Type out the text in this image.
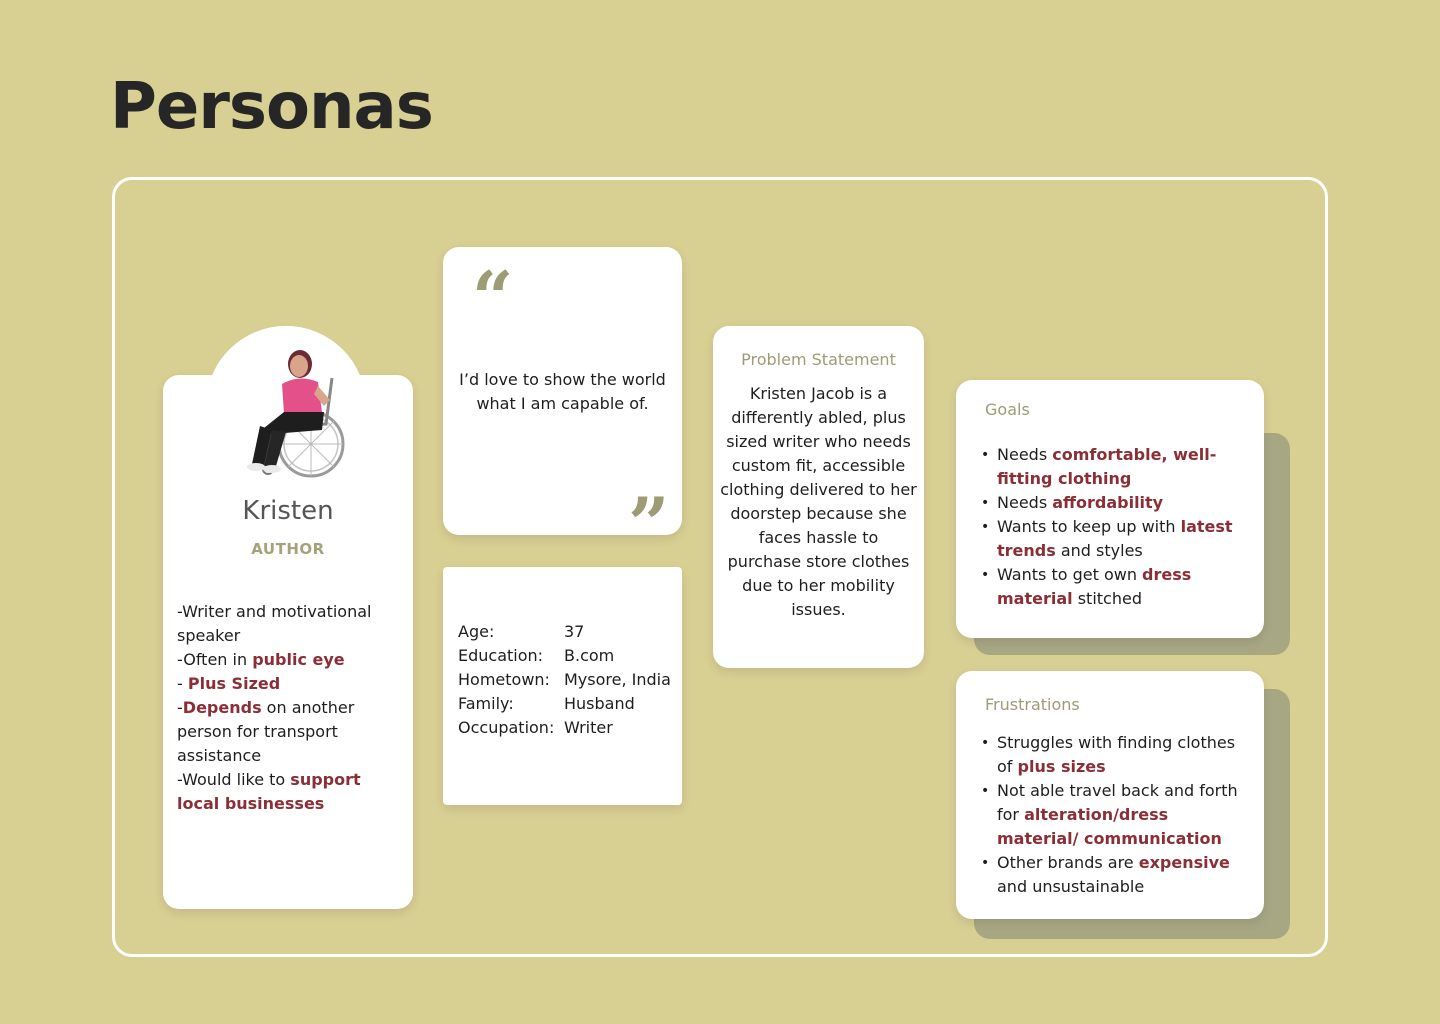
Personas
Kristen
AUTHOR
-Writer and motivational speaker
-Often in public eye
- Plus Sized
-Depends on another person for transport assistance
-Would like to support local businesses
“
I’d love to show the world what I am capable of.
”
Age:	37
Education:	B.com
Hometown:	Mysore, India
Family:	Husband
Occupation:	Writer
Problem Statement
Kristen Jacob is a differently abled, plus sized writer who needs custom fit, accessible clothing delivered to her doorstep because she faces hassle to purchase store clothes due to her mobility issues.
Goals
• Needs comfortable, well-fitting clothing
• Needs affordability
• Wants to keep up with latest trends and styles
• Wants to get own dress material stitched
Frustrations
• Struggles with finding clothes of plus sizes
• Not able travel back and forth for alteration/dress material/ communication
• Other brands are expensive and unsustainable
